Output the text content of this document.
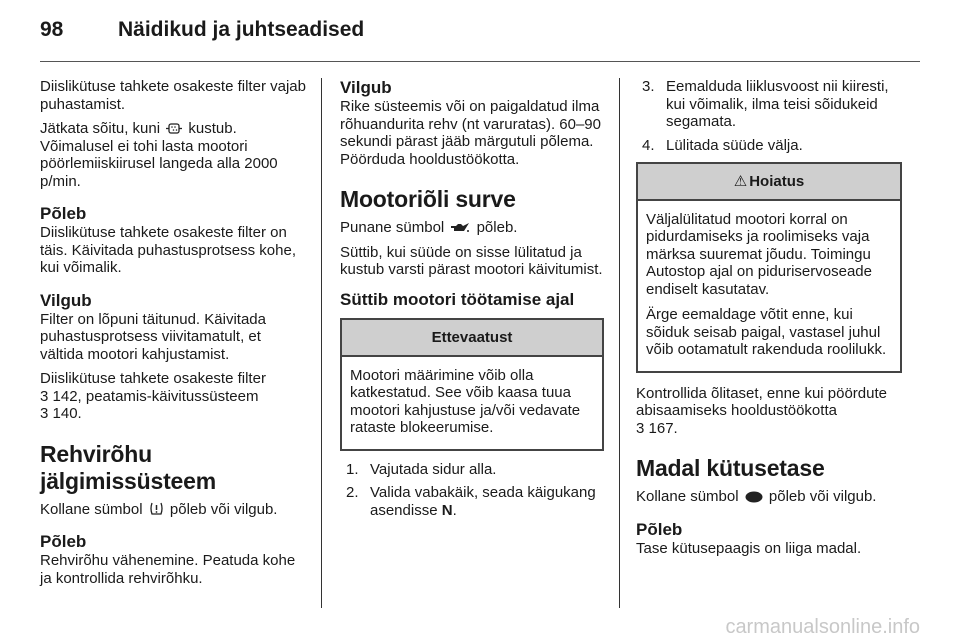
98	Näidikud ja juhtseadised

Diislikütuse tahkete osakeste filter vajab puhastamist.

Jätkata sõitu, kuni kustub. Võimalusel ei tohi lasta mootori pöörlemiiskiirusel langeda alla 2000 p/min.

Põleb

Diislikütuse tahkete osakeste filter on täis. Käivitada puhastusprotsess kohe, kui võimalik.

Vilgub

Filter on lõpuni täitunud. Käivitada puhastusprotsess viivitamatult, et vältida mootori kahjustamist.

Diislikütuse tahkete osakeste filter
3 142, peatamis-käivitussüsteem
3 140.

Rehvirõhu jälgimissüsteem

Kollane sümbol põleb või vilgub.

Põleb

Rehvirõhu vähenemine. Peatuda kohe ja kontrollida rehvirõhku.

Vilgub

Rike süsteemis või on paigaldatud ilma rõhuandurita rehv (nt varuratas). 60–90 sekundi pärast jääb märgutuli põlema. Pöörduda hooldustöökotta.

Mootoriõli surve

Punane sümbol põleb.

Süttib, kui süüde on sisse lülitatud ja kustub varsti pärast mootori käivitumist.

Süttib mootori töötamise ajal
Ettevaatust

Mootori määrimine võib olla katkestatud. See võib kaasa tuua mootori kahjustuse ja/või vedavate rataste blokeerumise.

1. Vajutada sidur alla.
2. Valida vabakäik, seada käigukang asendisse N.
3. Eemalduda liiklusvoost nii kiiresti, kui võimalik, ilma teisi sõidukeid segamata.
4. Lülitada süüde välja.
⚠ Hoiatus

Väljalülitatud mootori korral on pidurdamiseks ja roolimiseks vaja märksa suuremat jõudu. Toimingu Autostop ajal on piduriservoseade endiselt kasutatav.

Ärge eemaldage võtit enne, kui sõiduk seisab paigal, vastasel juhul võib ootamatult rakenduda roolilukk.

Kontrollida õlitaset, enne kui pöördute abisaamiseks hooldustöökotta
3 167.

Madal kütusetase

Kollane sümbol põleb või vilgub.

Põleb

Tase kütusepaagis on liiga madal.

carmanualsonline.info
